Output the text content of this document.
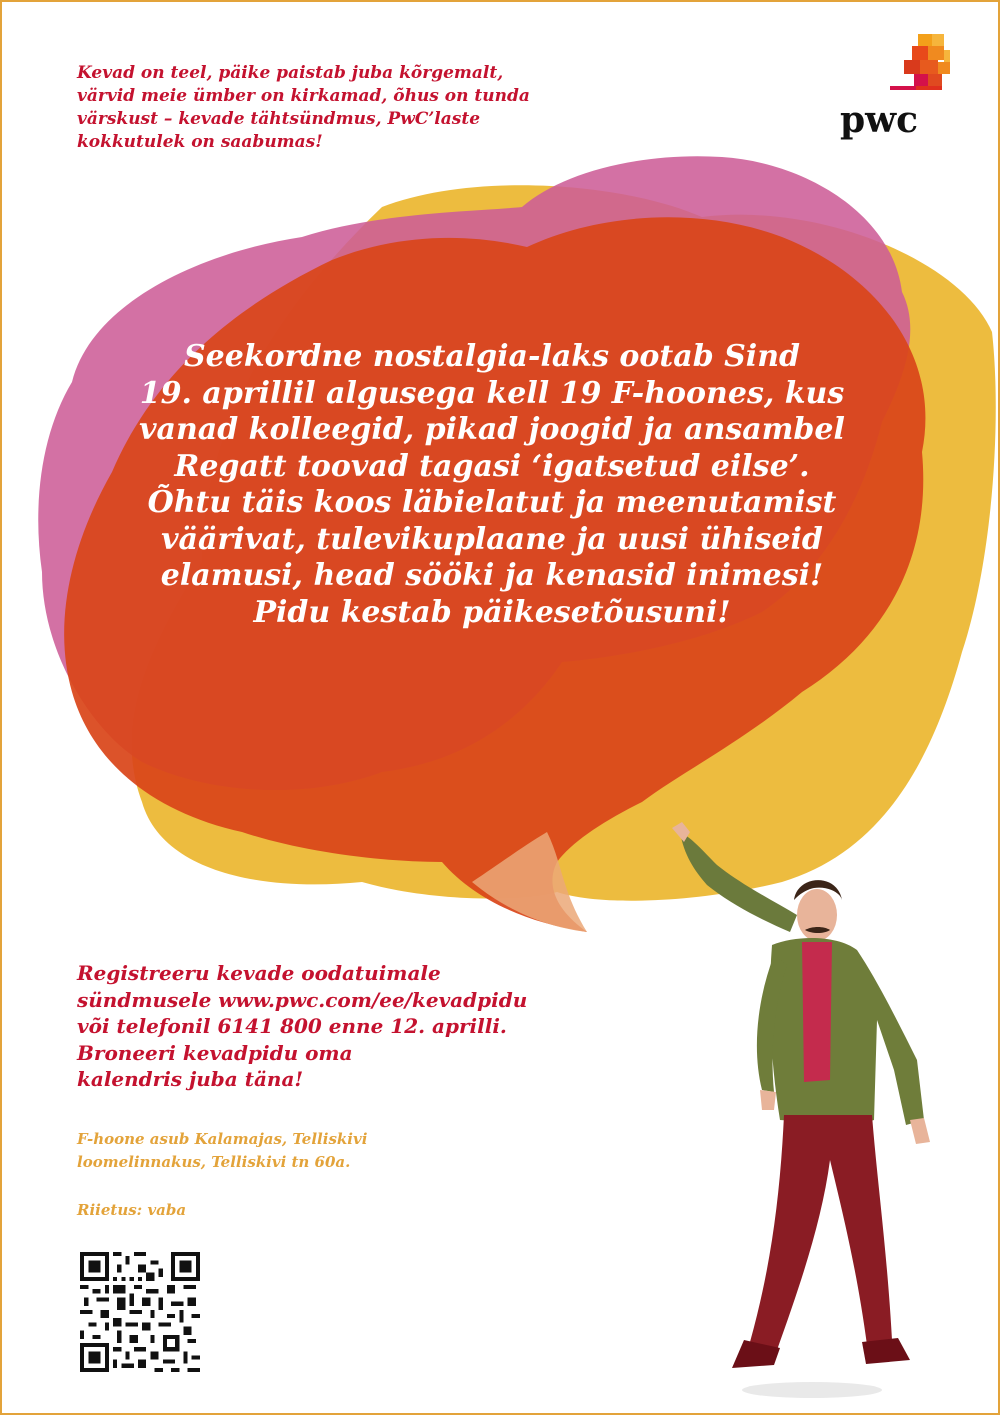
Kevad on teel, päike paistab juba kõrgemalt,
värvid meie ümber on kirkamad, õhus on tunda
värskust – kevade tähtsündmus, PwC’laste
kokkutulek on saabumas!

pwc

Seekordne nostalgia-laks ootab Sind
19. aprillil algusega kell 19 F-hoones, kus
vanad kolleegid, pikad joogid ja ansambel
Regatt toovad tagasi ‘igatsetud eilse’.
Õhtu täis koos läbielatut ja meenutamist
väärivat, tulevikuplaane ja uusi ühiseid
elamusi, head sööki ja kenasid inimesi!
Pidu kestab päikesetõusuni!

Registreeru kevade oodatuimale
sündmusele www.pwc.com/ee/kevadpidu
või telefonil 6141 800 enne 12. aprilli.
Broneeri kevadpidu oma
kalendris juba täna!

F-hoone asub Kalamajas, Telliskivi
loomelinnakus, Telliskivi tn 60a.

Riietus: vaba
